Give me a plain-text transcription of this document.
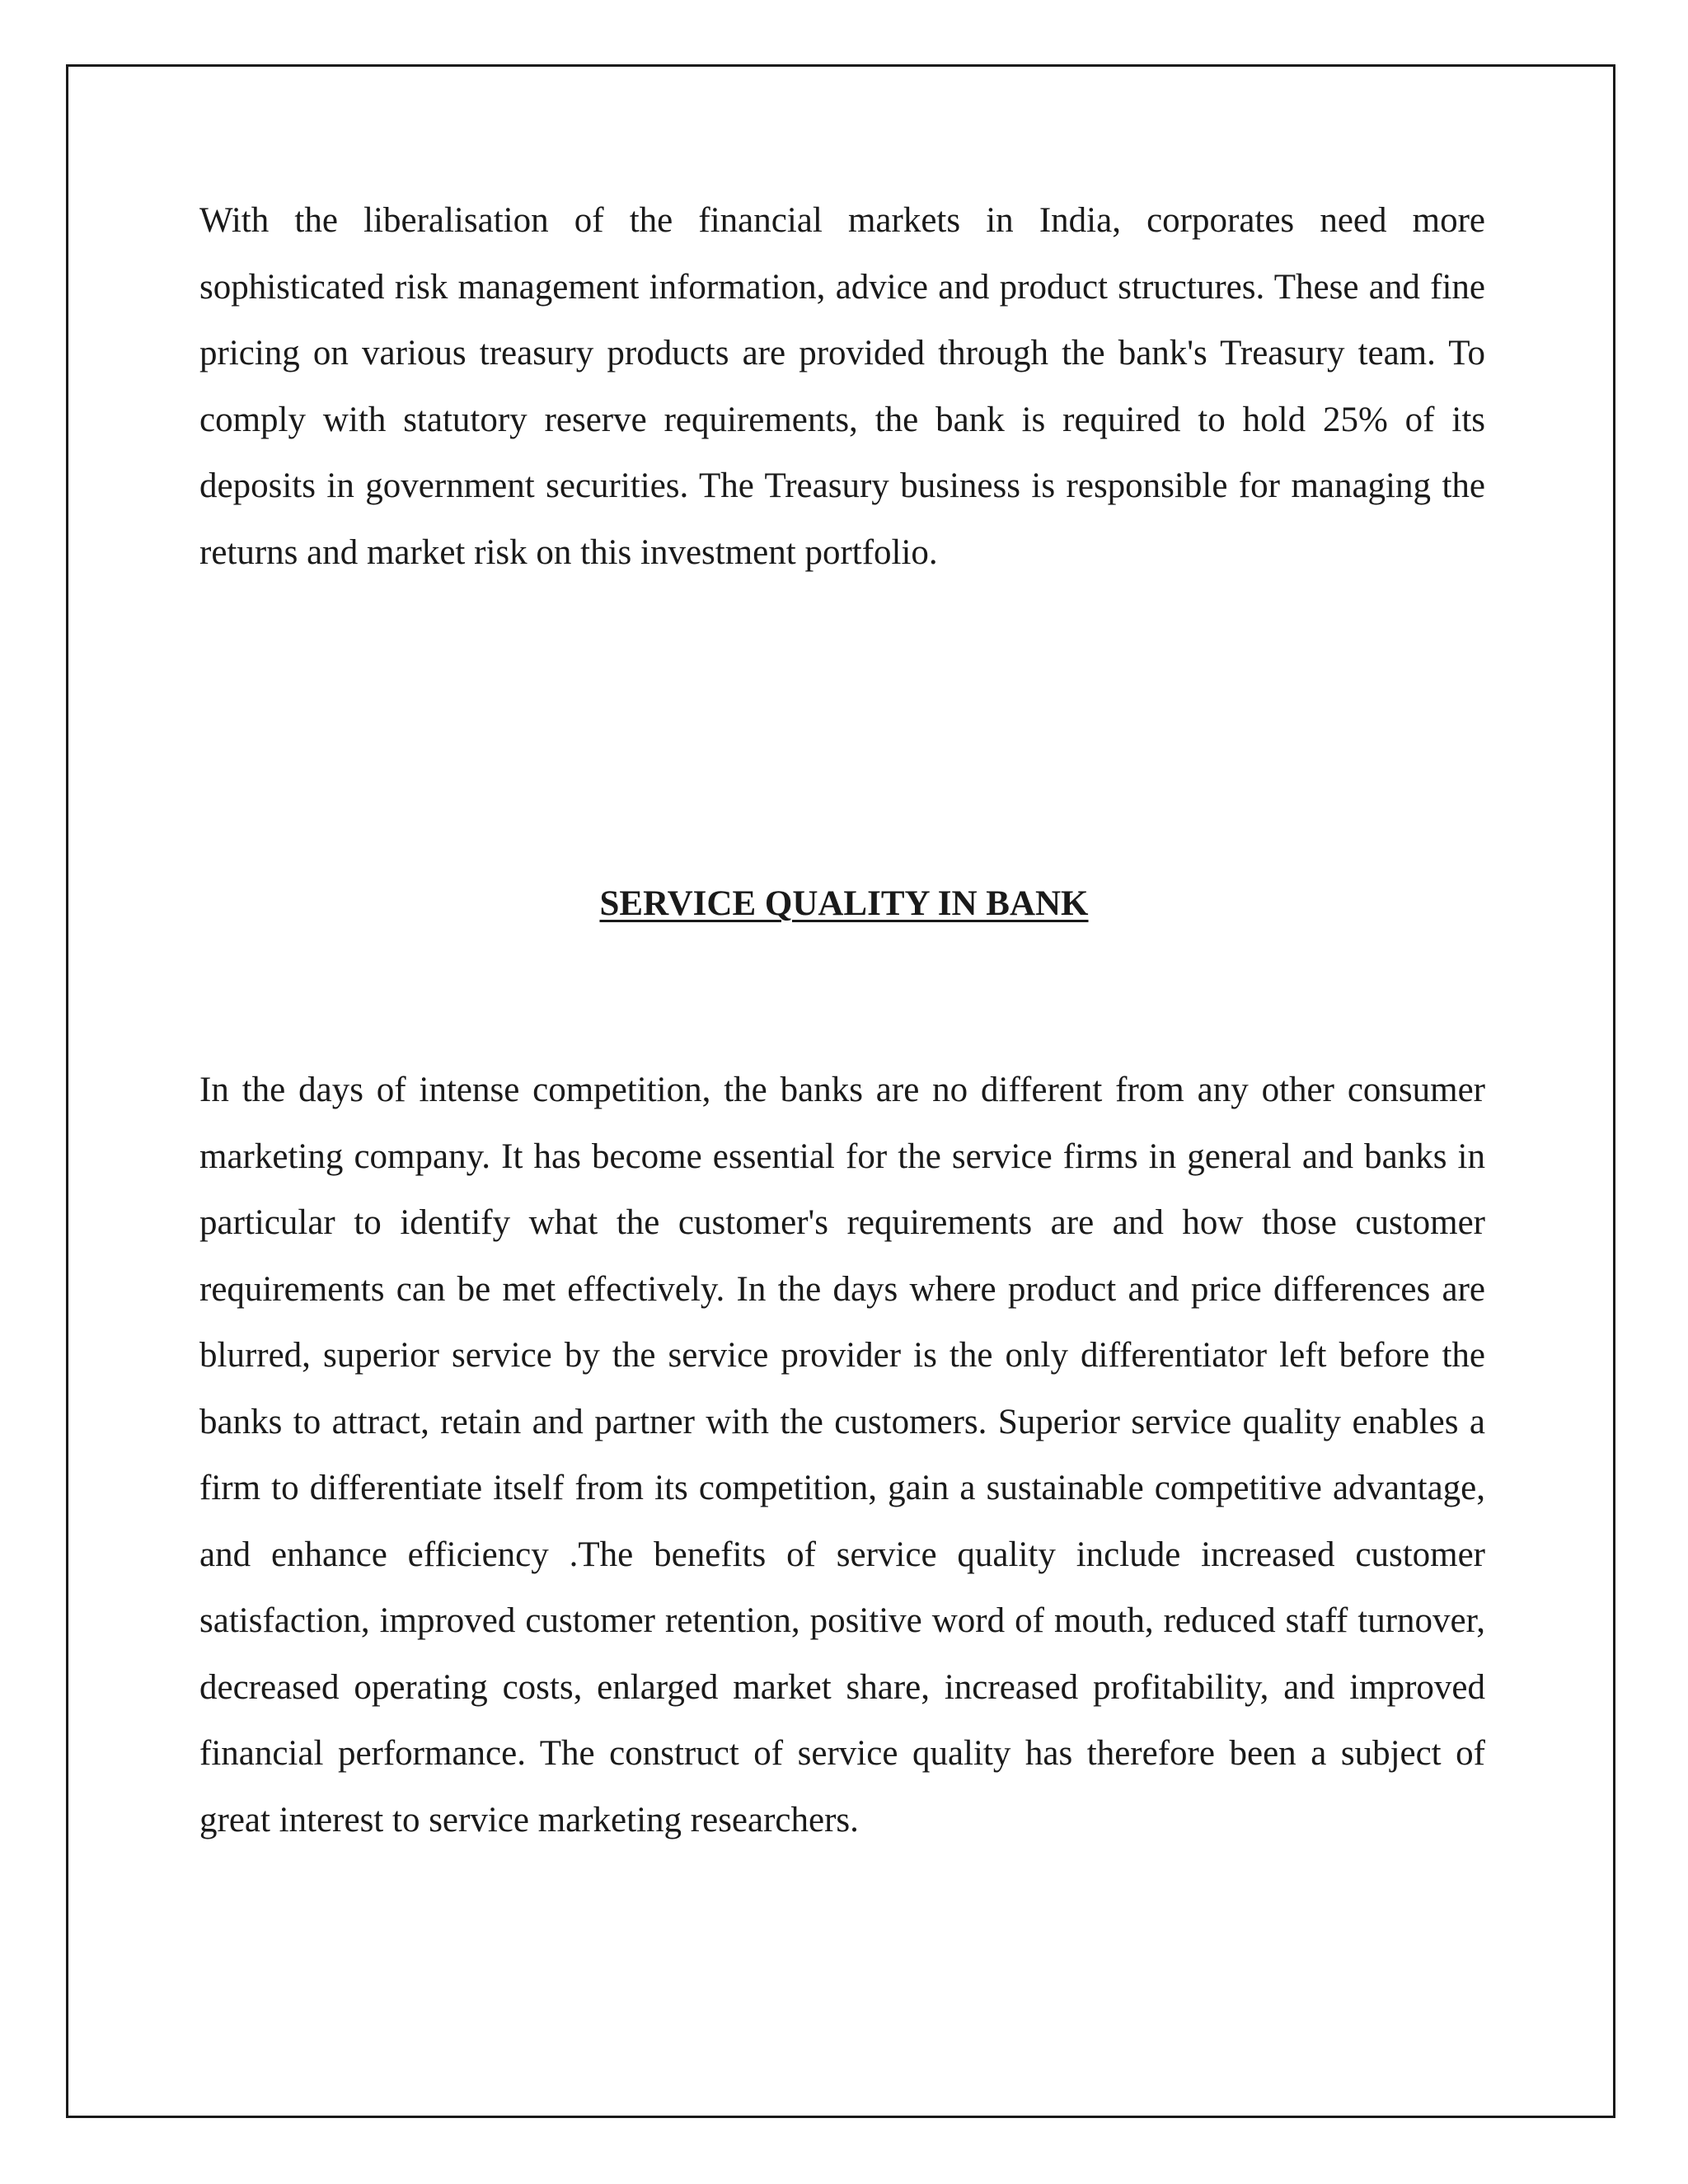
With the liberalisation of the financial markets in India, corporates need more sophisticated risk management information, advice and product structures. These and fine pricing on various treasury products are provided through the bank's Treasury team. To comply with statutory reserve requirements, the bank is required to hold 25% of its deposits in government securities. The Treasury business is responsible for managing the returns and market risk on this investment portfolio.

SERVICE QUALITY IN BANK

In the days of intense competition, the banks are no different from any other consumer marketing company. It has become essential for the service firms in general and banks in particular to identify what the customer's requirements are and how those customer requirements can be met effectively. In the days where product and price differences are blurred, superior service by the service provider is the only differentiator left before the banks to attract, retain and partner with the customers. Superior service quality enables a firm to differentiate itself from its competition, gain a sustainable competitive advantage, and enhance efficiency .The benefits of service quality include increased customer satisfaction, improved customer retention, positive word of mouth, reduced staff turnover, decreased operating costs, enlarged market share, increased profitability, and improved financial performance. The construct of service quality has therefore been a subject of great interest to service marketing researchers.
